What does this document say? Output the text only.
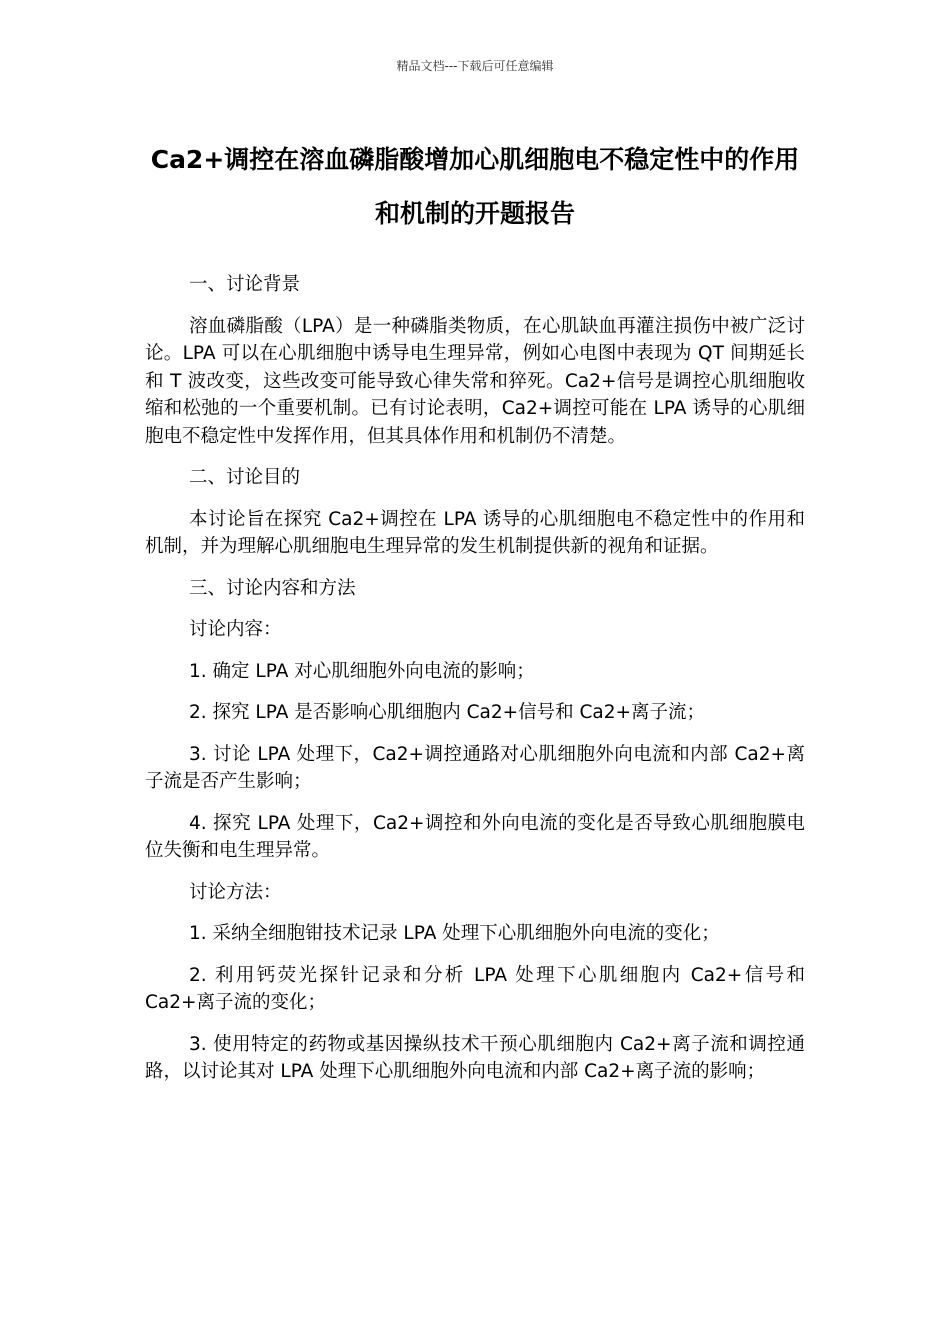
精品文档---下载后可任意编辑
Ca2+调控在溶血磷脂酸增加心肌细胞电不稳定性中的作用和机制的开题报告

一、讨论背景

溶血磷脂酸（LPA）是一种磷脂类物质，在心肌缺血再灌注损伤中被广泛讨论。LPA 可以在心肌细胞中诱导电生理异常，例如心电图中表现为 QT 间期延长和 T 波改变，这些改变可能导致心律失常和猝死。Ca2+信号是调控心肌细胞收缩和松弛的一个重要机制。已有讨论表明，Ca2+调控可能在 LPA 诱导的心肌细胞电不稳定性中发挥作用，但其具体作用和机制仍不清楚。

二、讨论目的

本讨论旨在探究 Ca2+调控在 LPA 诱导的心肌细胞电不稳定性中的作用和机制，并为理解心肌细胞电生理异常的发生机制提供新的视角和证据。

三、讨论内容和方法

讨论内容：

1. 确定 LPA 对心肌细胞外向电流的影响；

2. 探究 LPA 是否影响心肌细胞内 Ca2+信号和 Ca2+离子流；

3. 讨论 LPA 处理下，Ca2+调控通路对心肌细胞外向电流和内部 Ca2+离子流是否产生影响；

4. 探究 LPA 处理下，Ca2+调控和外向电流的变化是否导致心肌细胞膜电位失衡和电生理异常。

讨论方法：

1. 采纳全细胞钳技术记录 LPA 处理下心肌细胞外向电流的变化；

2. 利用钙荧光探针记录和分析 LPA 处理下心肌细胞内 Ca2+信号和 Ca2+离子流的变化；

3. 使用特定的药物或基因操纵技术干预心肌细胞内 Ca2+离子流和调控通路，以讨论其对 LPA 处理下心肌细胞外向电流和内部 Ca2+离子流的影响；
